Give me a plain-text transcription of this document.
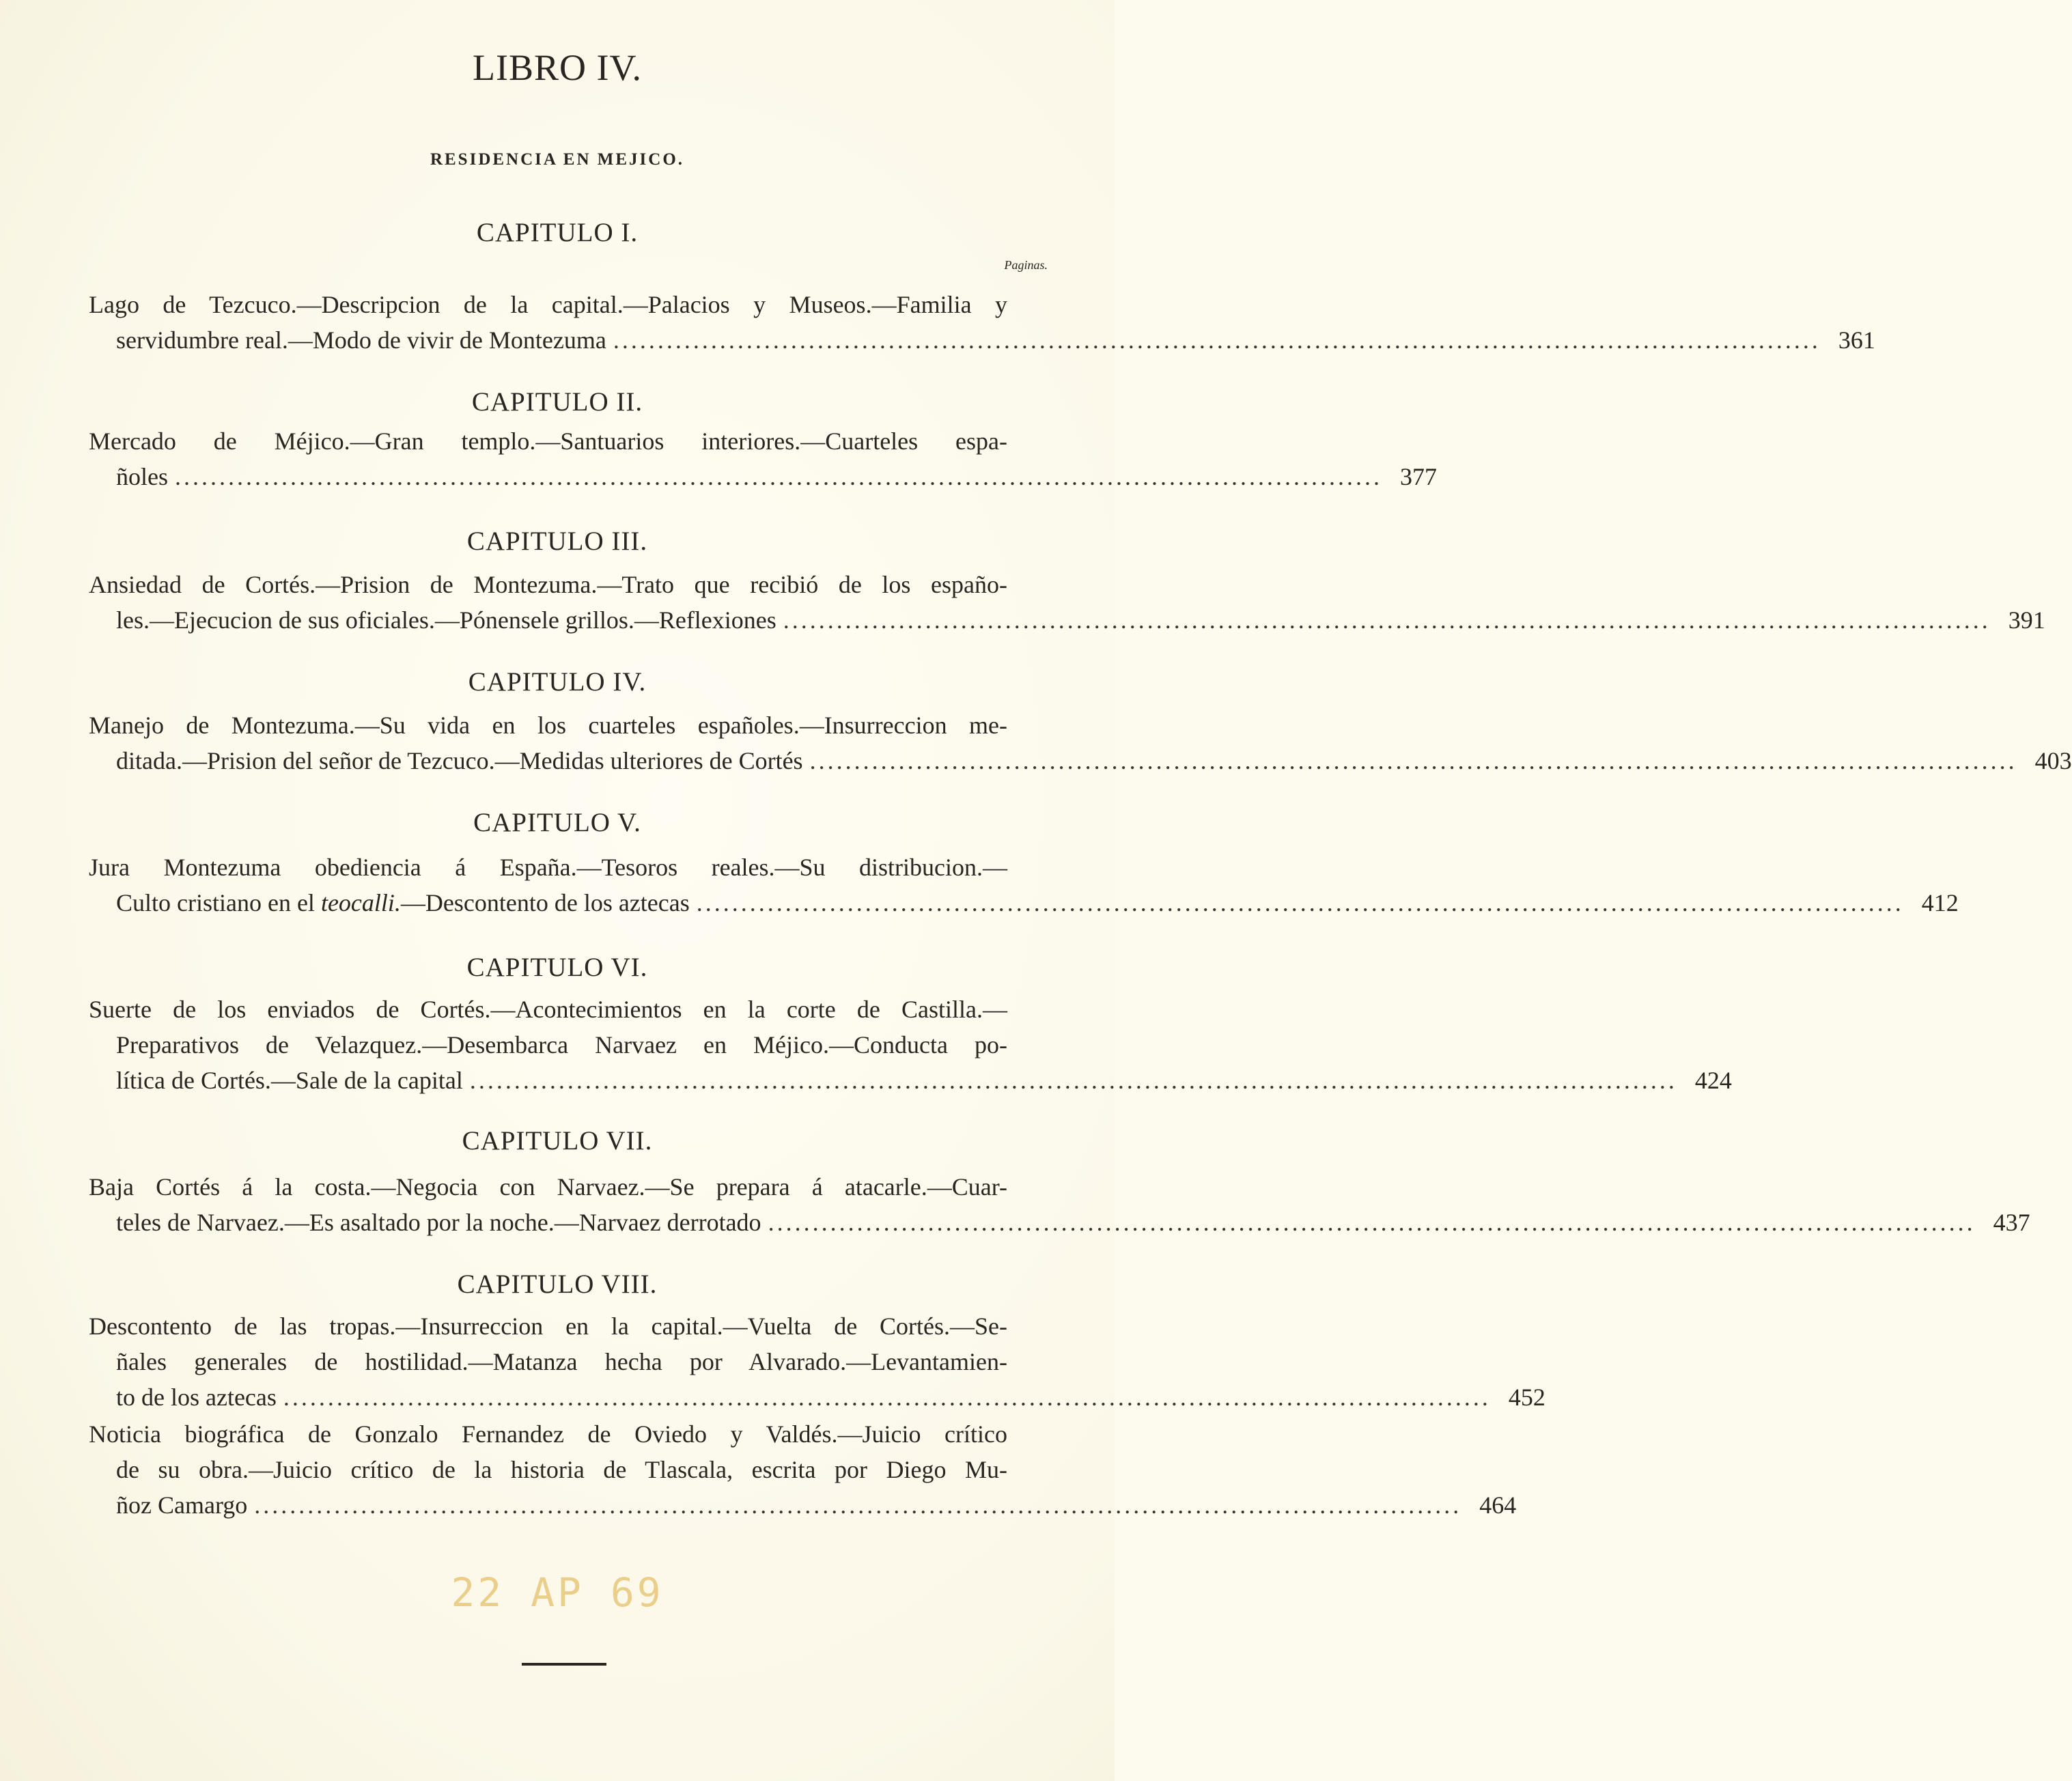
LIBRO IV.
RESIDENCIA EN MEJICO.
Paginas.
CAPITULO I.
Lago de Tezcuco.—Descripcion de la capital.—Palacios y Museos.—Familia y
servidumbre real.—Modo de vivir de Montezuma ........................................................................................................................................ 361
CAPITULO II.
Mercado de Méjico.—Gran templo.—Santuarios interiores.—Cuarteles espa-
ñoles ........................................................................................................................................ 377
CAPITULO III.
Ansiedad de Cortés.—Prision de Montezuma.—Trato que recibió de los españo-
les.—Ejecucion de sus oficiales.—Pónensele grillos.—Reflexiones ........................................................................................................................................ 391
CAPITULO IV.
Manejo de Montezuma.—Su vida en los cuarteles españoles.—Insurreccion me-
ditada.—Prision del señor de Tezcuco.—Medidas ulteriores de Cortés ........................................................................................................................................ 403
CAPITULO V.
Jura Montezuma obediencia á España.—Tesoros reales.—Su distribucion.—
Culto cristiano en el teocalli.—Descontento de los aztecas ........................................................................................................................................ 412
CAPITULO VI.
Suerte de los enviados de Cortés.—Acontecimientos en la corte de Castilla.—
Preparativos de Velazquez.—Desembarca Narvaez en Méjico.—Conducta po-
lítica de Cortés.—Sale de la capital ........................................................................................................................................ 424
CAPITULO VII.
Baja Cortés á la costa.—Negocia con Narvaez.—Se prepara á atacarle.—Cuar-
teles de Narvaez.—Es asaltado por la noche.—Narvaez derrotado ........................................................................................................................................ 437
CAPITULO VIII.
Descontento de las tropas.—Insurreccion en la capital.—Vuelta de Cortés.—Se-
ñales generales de hostilidad.—Matanza hecha por Alvarado.—Levantamien-
to de los aztecas ........................................................................................................................................ 452
Noticia biográfica de Gonzalo Fernandez de Oviedo y Valdés.—Juicio crítico
de su obra.—Juicio crítico de la historia de Tlascala, escrita por Diego Mu-
ñoz Camargo ........................................................................................................................................ 464
22 AP 69
